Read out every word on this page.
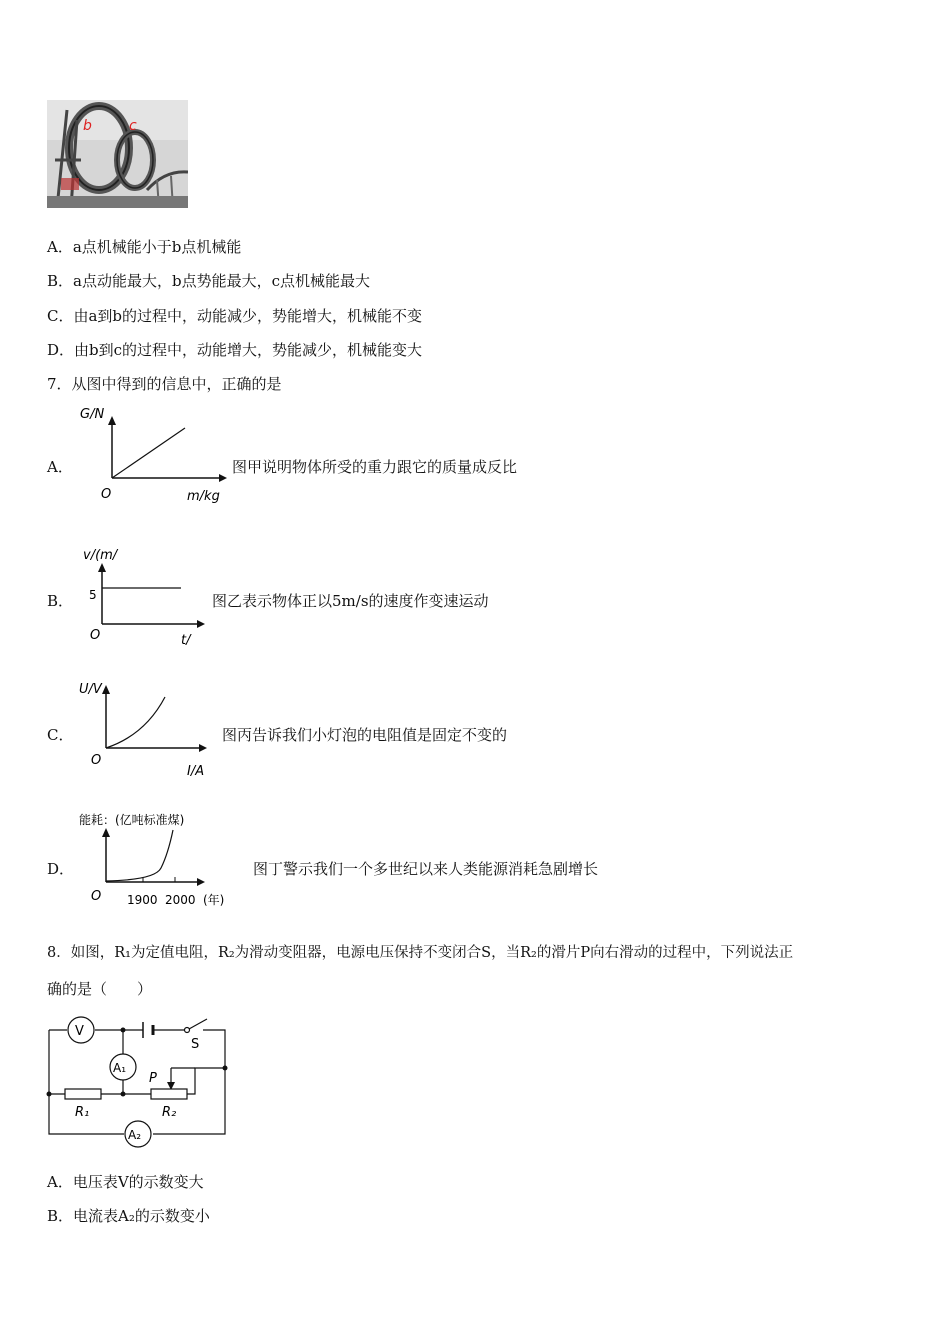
b	c
A．a点机械能小于b点机械能
B．a点动能最大，b点势能最大，c点机械能最大
C．由a到b的过程中，动能减少，势能增大，机械能不变
D．由b到c的过程中，动能增大，势能减少，机械能变大
7．从图中得到的信息中，正确的是
A．
G/N
m/kg
O
图甲说明物体所受的重力跟它的质量成反比
B．
v/(m/
5
t/
O
图乙表示物体正以5m/s的速度作变速运动
C．
U/V
I/A
O
图丙告诉我们小灯泡的电阻值是固定不变的
D．
能耗：(亿吨标准煤)
1900 2000 (年)
O
图丁警示我们一个多世纪以来人类能源消耗急剧增长
8．如图，R₁为定值电阻，R₂为滑动变阻器，电源电压保持不变闭合S，当R₂的滑片P向右滑动的过程中，下列说法正
确的是（　　）
V
S
A₁
R₁	R₂
P
A₂
A．电压表V的示数变大
B．电流表A₂的示数变小
